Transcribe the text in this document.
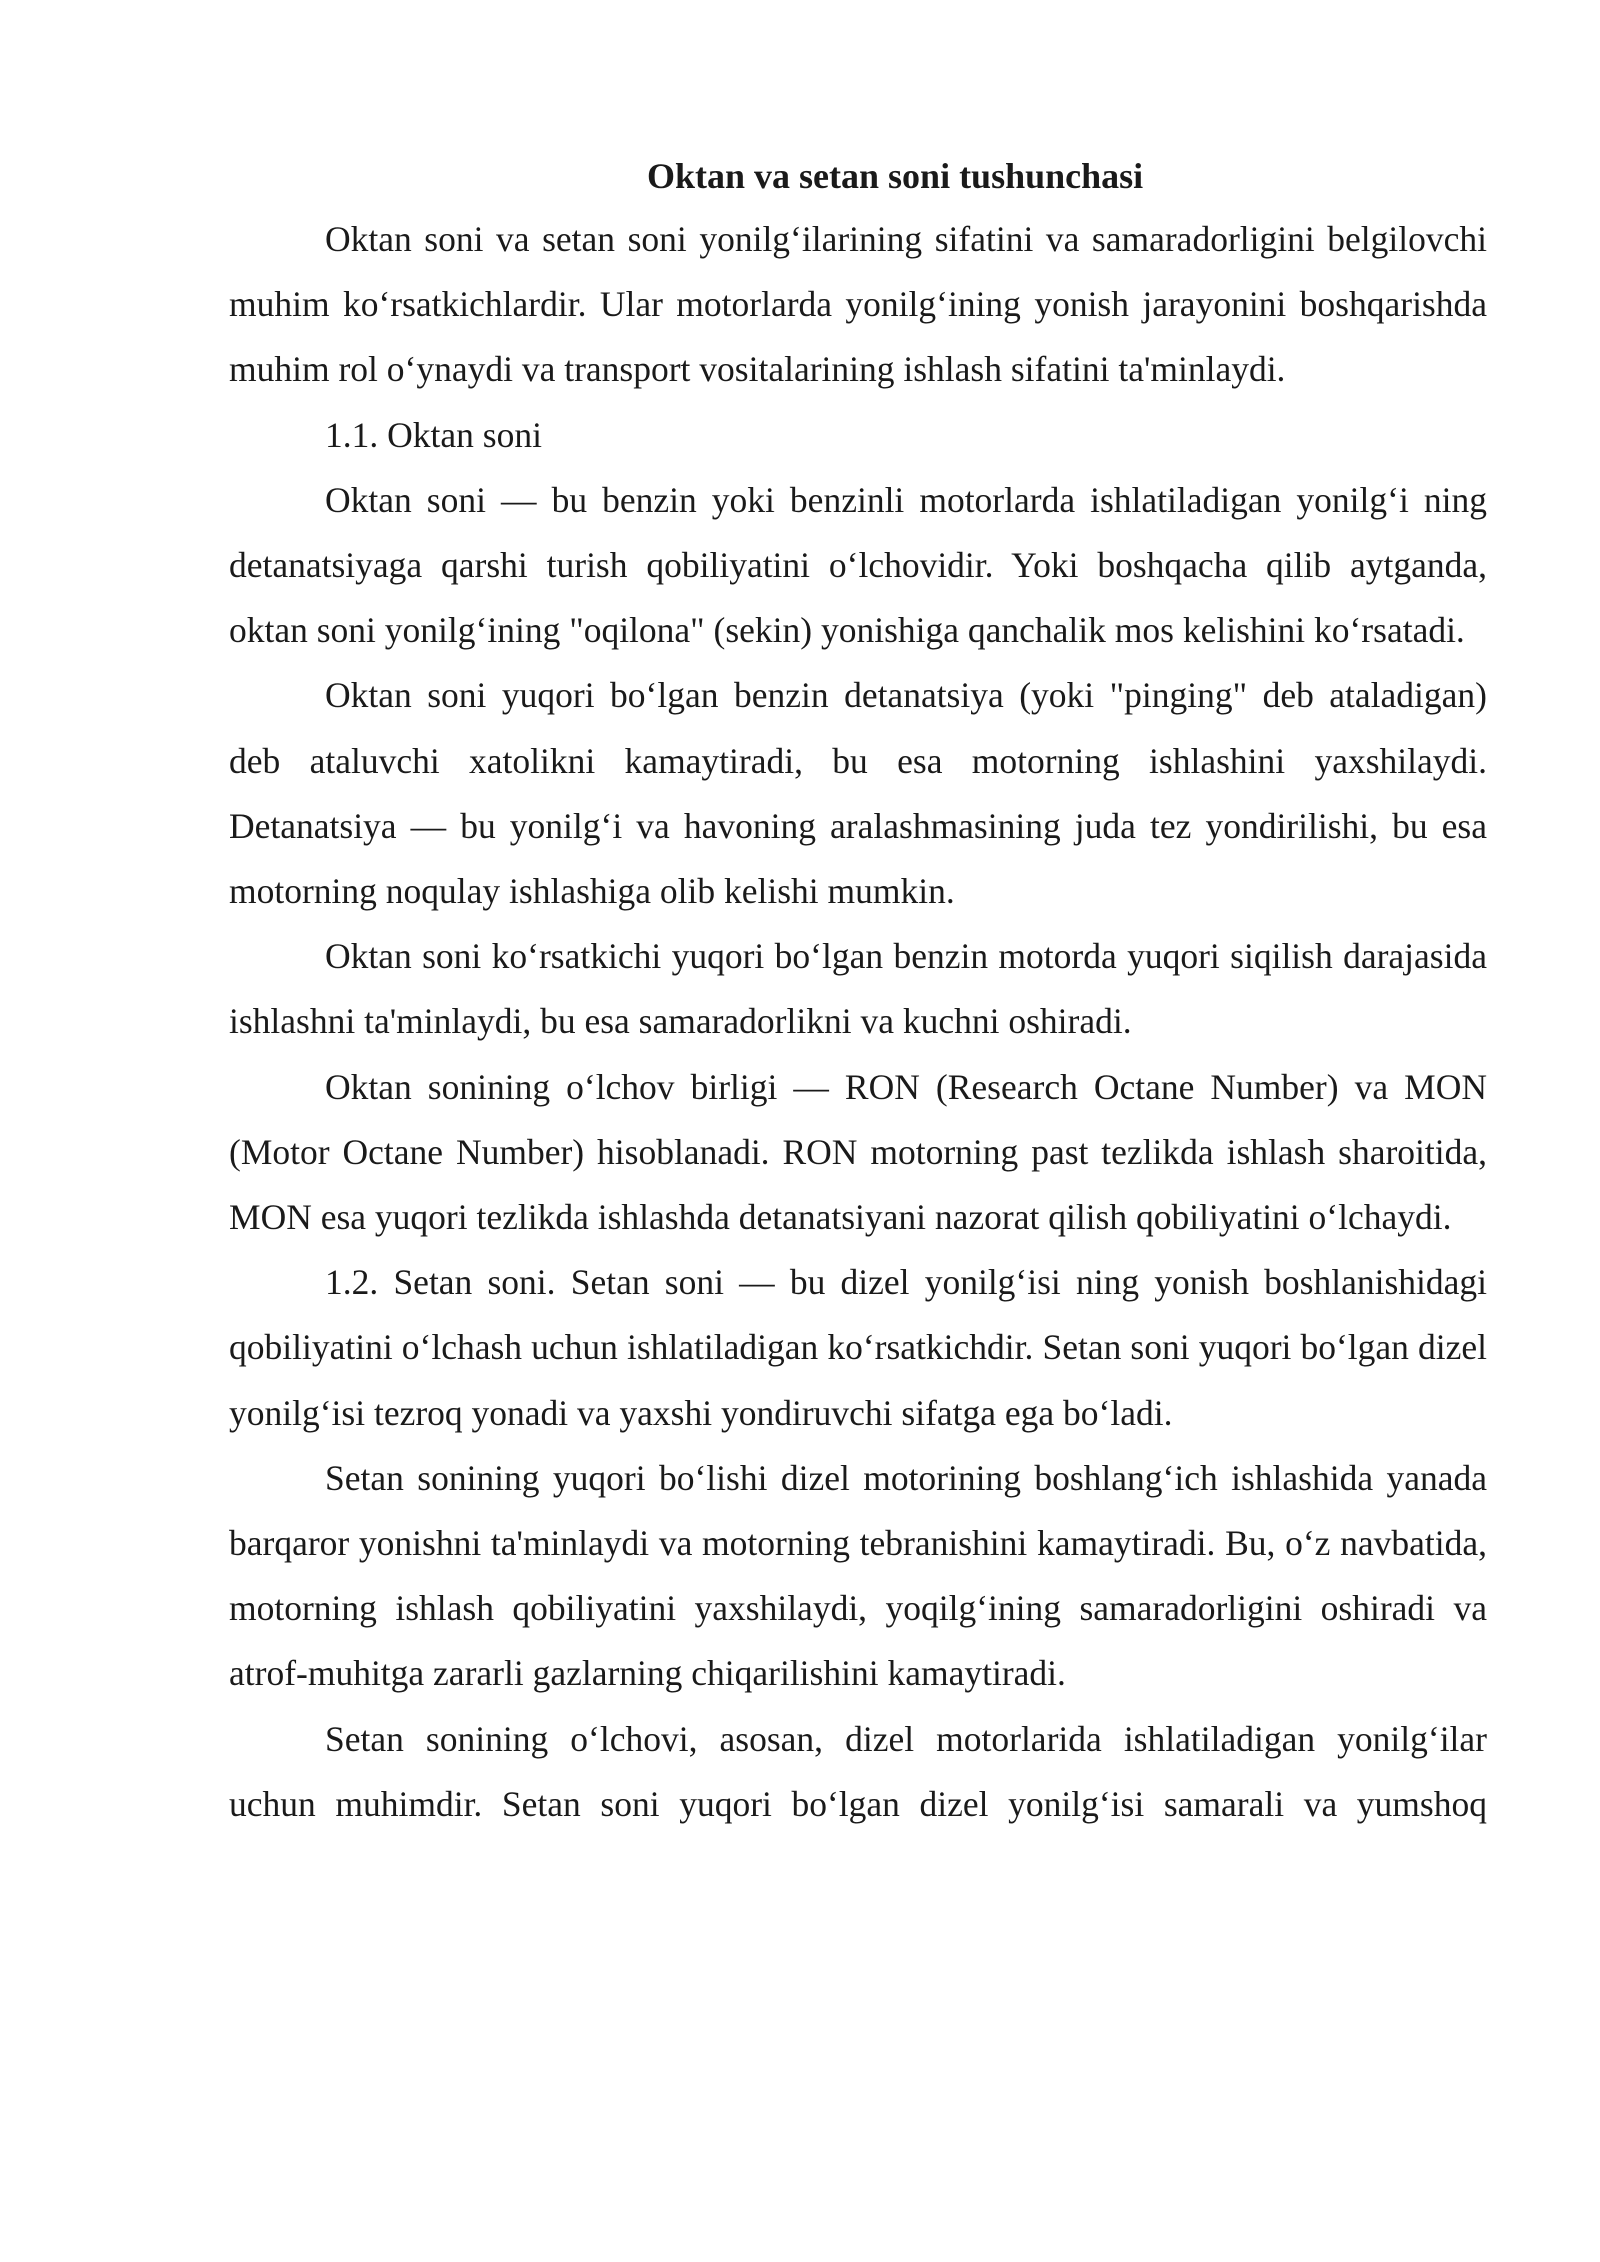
Oktan va setan soni tushunchasi

Oktan soni va setan soni yonilg‘ilarining sifatini va samaradorligini belgilovchi muhim ko‘rsatkichlardir. Ular motorlarda yonilg‘ining yonish jarayonini boshqarishda muhim rol o‘ynaydi va transport vositalarining ishlash sifatini ta'minlaydi.

1.1. Oktan soni

Oktan soni — bu benzin yoki benzinli motorlarda ishlatiladigan yonilg‘i ning detanatsiyaga qarshi turish qobiliyatini o‘lchovidir. Yoki boshqacha qilib aytganda, oktan soni yonilg‘ining "oqilona" (sekin) yonishiga qanchalik mos kelishini ko‘rsatadi.

Oktan soni yuqori bo‘lgan benzin detanatsiya (yoki "pinging" deb ataladigan) deb ataluvchi xatolikni kamaytiradi, bu esa motorning ishlashini yaxshilaydi. Detanatsiya — bu yonilg‘i va havoning aralashmasining juda tez yondirilishi, bu esa motorning noqulay ishlashiga olib kelishi mumkin.

Oktan soni ko‘rsatkichi yuqori bo‘lgan benzin motorda yuqori siqilish darajasida ishlashni ta'minlaydi, bu esa samaradorlikni va kuchni oshiradi.

Oktan sonining o‘lchov birligi — RON (Research Octane Number) va MON (Motor Octane Number) hisoblanadi. RON motorning past tezlikda ishlash sharoitida, MON esa yuqori tezlikda ishlashda detanatsiyani nazorat qilish qobiliyatini o‘lchaydi.

1.2. Setan soni. Setan soni — bu dizel yonilg‘isi ning yonish boshlanishidagi qobiliyatini o‘lchash uchun ishlatiladigan ko‘rsatkichdir. Setan soni yuqori bo‘lgan dizel yonilg‘isi tezroq yonadi va yaxshi yondiruvchi sifatga ega bo‘ladi.

Setan sonining yuqori bo‘lishi dizel motorining boshlang‘ich ishlashida yanada barqaror yonishni ta'minlaydi va motorning tebranishini kamaytiradi. Bu, o‘z navbatida, motorning ishlash qobiliyatini yaxshilaydi, yoqilg‘ining samaradorligini oshiradi va atrof-muhitga zararli gazlarning chiqarilishini kamaytiradi.

Setan sonining o‘lchovi, asosan, dizel motorlarida ishlatiladigan yonilg‘ilar uchun muhimdir. Setan soni yuqori bo‘lgan dizel yonilg‘isi samarali va yumshoq
